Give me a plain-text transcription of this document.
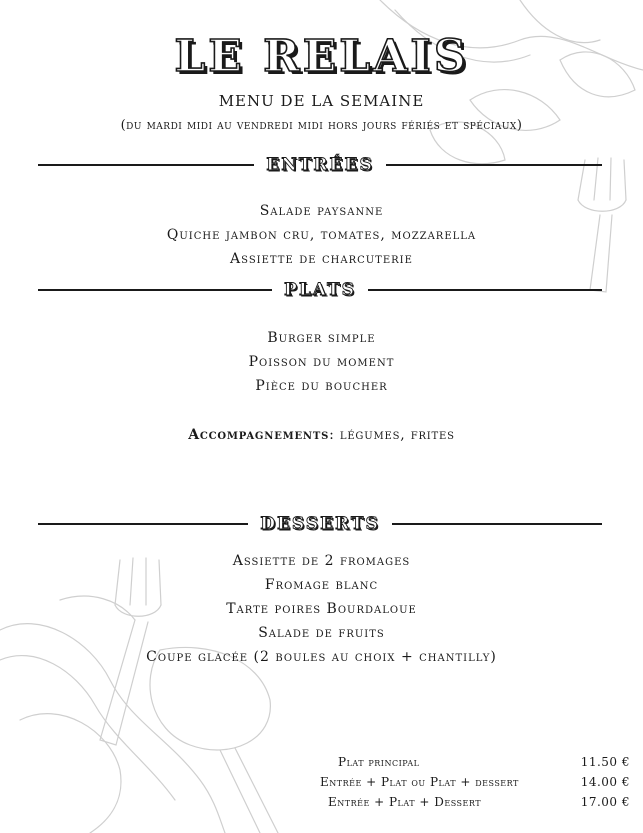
LE RELAIS
MENU DE LA SEMAINE
(du mardi midi au vendredi midi hors jours fériés et spéciaux)
ENTRÉES
Salade paysanne
Quiche jambon cru, tomates, mozzarella
Assiette de charcuterie
PLATS
Burger simple
Poisson du moment
Pièce du boucher
Accompagnements: légumes, frites
DESSERTS
Assiette de 2 fromages
Fromage blanc
Tarte poires Bourdaloue
Salade de fruits
Coupe glacée (2 boules au choix + chantilly)
Plat principal	11.50 €
Entrée + Plat ou Plat + dessert	14.00 €
Entrée + Plat + Dessert	17.00 €
